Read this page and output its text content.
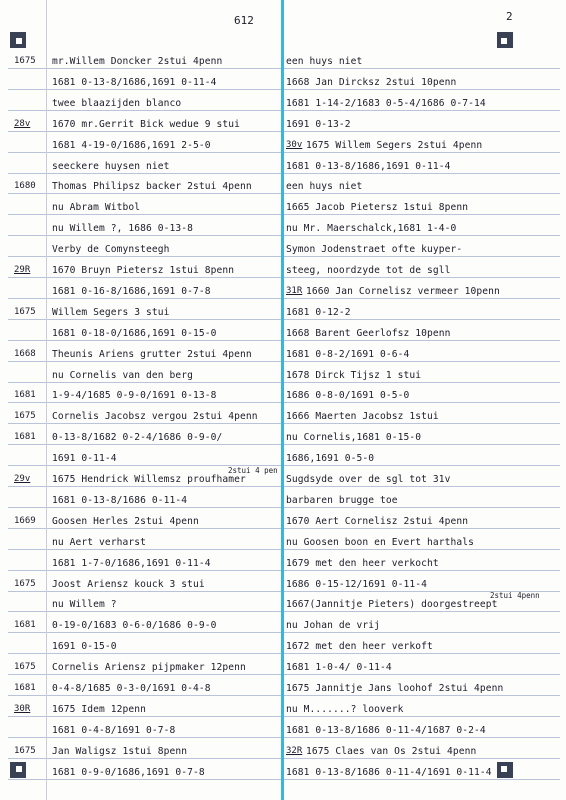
612	2
1675 mr.Willem Doncker 2stui 4penn
1681 0-13-8/1686,1691 0-11-4
twee blaazijden blanco
28v 1670 mr.Gerrit Bick wedue 9 stui
1681 4-19-0/1686,1691 2-5-0
seeckere huysen niet
1680 Thomas Philipsz backer 2stui 4penn
nu Abram Witbol
nu Willem ?, 1686 0-13-8
Verby de Comynsteegh
29R 1670 Bruyn Pietersz 1stui 8penn
1681 0-16-8/1686,1691 0-7-8
1675 Willem Segers 3 stui
1681 0-18-0/1686,1691 0-15-0
1668 Theunis Ariens grutter 2stui 4penn
nu Cornelis van den berg
1681 1-9-4/1685 0-9-0/1691 0-13-8
1675 Cornelis Jacobsz vergou 2stui 4penn
1681 0-13-8/1682 0-2-4/1686 0-9-0/
1691 0-11-4
29v 1675 Hendrick Willemsz proufhamer
2stui 4 pen
1681 0-13-8/1686 0-11-4
1669 Goosen Herles 2stui 4penn
nu Aert verharst
1681 1-7-0/1686,1691 0-11-4
1675 Joost Ariensz kouck 3 stui
nu Willem ?
1681 0-19-0/1683 0-6-0/1686 0-9-0
1691 0-15-0
1675 Cornelis Ariensz pijpmaker 12penn
1681 0-4-8/1685 0-3-0/1691 0-4-8
30R 1675 Idem 12penn
1681 0-4-8/1691 0-7-8
1675 Jan Waligsz 1stui 8penn
1681 0-9-0/1686,1691 0-7-8
een huys niet
1668 Jan Dircksz 2stui 10penn
1681 1-14-2/1683 0-5-4/1686 0-7-14
1691 0-13-2
30v 1675 Willem Segers 2stui 4penn
1681 0-13-8/1686,1691 0-11-4
een huys niet
1665 Jacob Pietersz 1stui 8penn
nu Mr. Maerschalck,1681 1-4-0
Symon Jodenstraet ofte kuyper-
steeg, noordzyde tot de sgll
31R 1660 Jan Cornelisz vermeer 10penn
1681 0-12-2
1668 Barent Geerlofsz 10penn
1681 0-8-2/1691 0-6-4
1678 Dirck Tijsz 1 stui
1686 0-8-0/1691 0-5-0
1666 Maerten Jacobsz 1stui
nu Cornelis,1681 0-15-0
1686,1691 0-5-0
Sugdsyde over de sgl tot 31v
barbaren brugge toe
1670 Aert Cornelisz 2stui 4penn
nu Goosen boon en Evert harthals
1679 met den heer verkocht
1686 0-15-12/1691 0-11-4
1667(Jannitje Pieters) doorgestreept
2stui 4penn
nu Johan de vrij
1672 met den heer verkoft
1681 1-0-4/ 0-11-4
1675 Jannitje Jans loohof 2stui 4penn
nu M.......? looverk
1681 0-13-8/1686 0-11-4/1687 0-2-4
32R 1675 Claes van Os 2stui 4penn
1681 0-13-8/1686 0-11-4/1691 0-11-4
